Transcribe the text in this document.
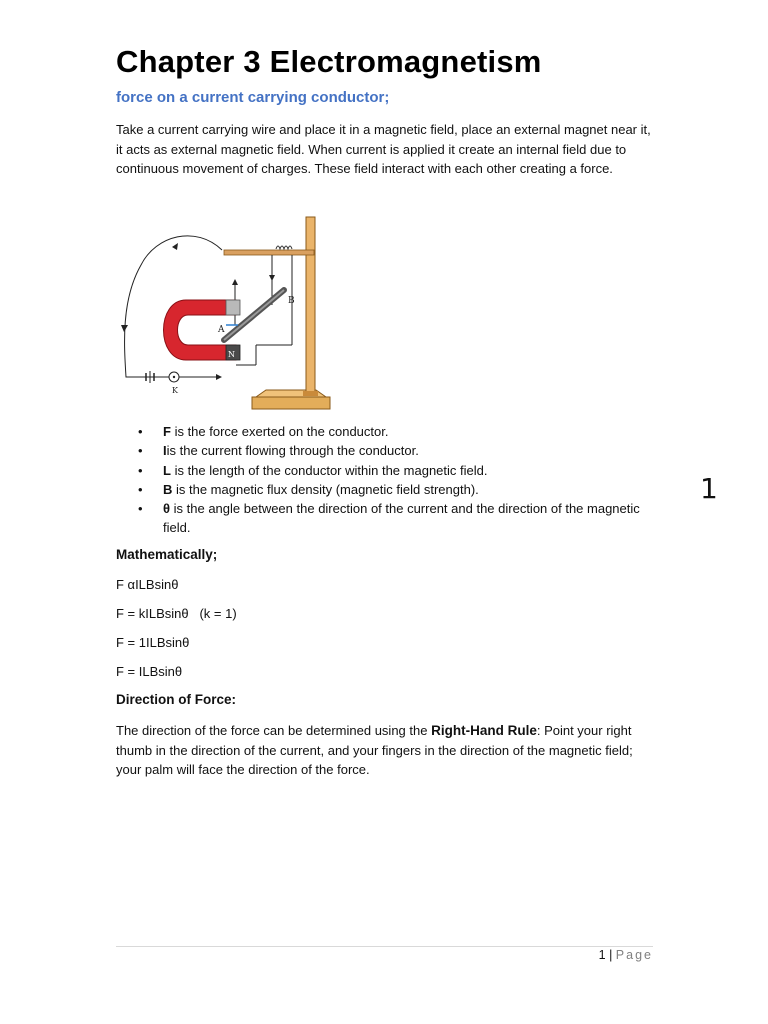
Chapter 3 Electromagnetism

force on a current carrying conductor;

Take a current carrying wire and place it in a magnetic field, place an external magnet near it, it acts as external magnetic field. When current is applied it create an internal field due to continuous movement of charges. These field interact with each other creating a force.

K
N
B
A
• F is the force exerted on the conductor.
• Iis the current flowing through the conductor.
• L is the length of the conductor within the magnetic field.
• B is the magnetic flux density (magnetic field strength).
• θ is the angle between the direction of the current and the direction of the magnetic field.

Mathematically;

F αILBsinθ

F = kILBsinθ   (k = 1)

F = 1ILBsinθ

F = ILBsinθ

Direction of Force:

The direction of the force can be determined using the Right-Hand Rule: Point your right thumb in the direction of the current, and your fingers in the direction of the magnetic field; your palm will face the direction of the force.

1
1 | Page
